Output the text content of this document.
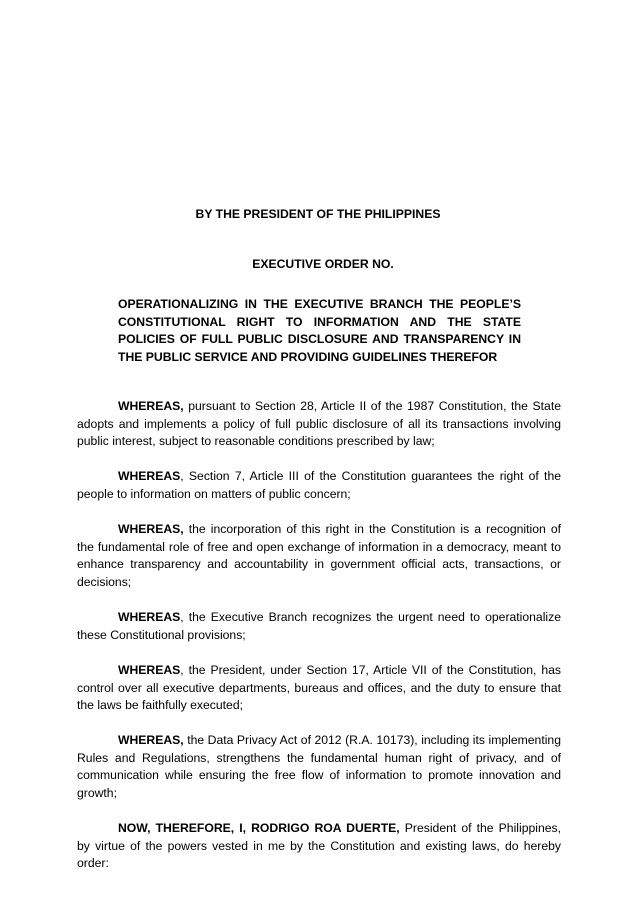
BY THE PRESIDENT OF THE PHILIPPINES
EXECUTIVE ORDER NO.
OPERATIONALIZING IN THE EXECUTIVE BRANCH THE PEOPLE’S CONSTITUTIONAL RIGHT TO INFORMATION AND THE STATE POLICIES OF FULL PUBLIC DISCLOSURE AND TRANSPARENCY IN THE PUBLIC SERVICE AND PROVIDING GUIDELINES THEREFOR

WHEREAS, pursuant to Section 28, Article II of the 1987 Constitution, the State adopts and implements a policy of full public disclosure of all its transactions involving public interest, subject to reasonable conditions prescribed by law;

WHEREAS, Section 7, Article III of the Constitution guarantees the right of the people to information on matters of public concern;

WHEREAS, the incorporation of this right in the Constitution is a recognition of the fundamental role of free and open exchange of information in a democracy, meant to enhance transparency and accountability in government official acts, transactions, or decisions;

WHEREAS, the Executive Branch recognizes the urgent need to operationalize these Constitutional provisions;

WHEREAS, the President, under Section 17, Article VII of the Constitution, has control over all executive departments, bureaus and offices, and the duty to ensure that the laws be faithfully executed;

WHEREAS, the Data Privacy Act of 2012 (R.A. 10173), including its implementing Rules and Regulations, strengthens the fundamental human right of privacy, and of communication while ensuring the free flow of information to promote innovation and growth;

NOW, THEREFORE, I, RODRIGO ROA DUERTE, President of the Philippines, by virtue of the powers vested in me by the Constitution and existing laws, do hereby order:
